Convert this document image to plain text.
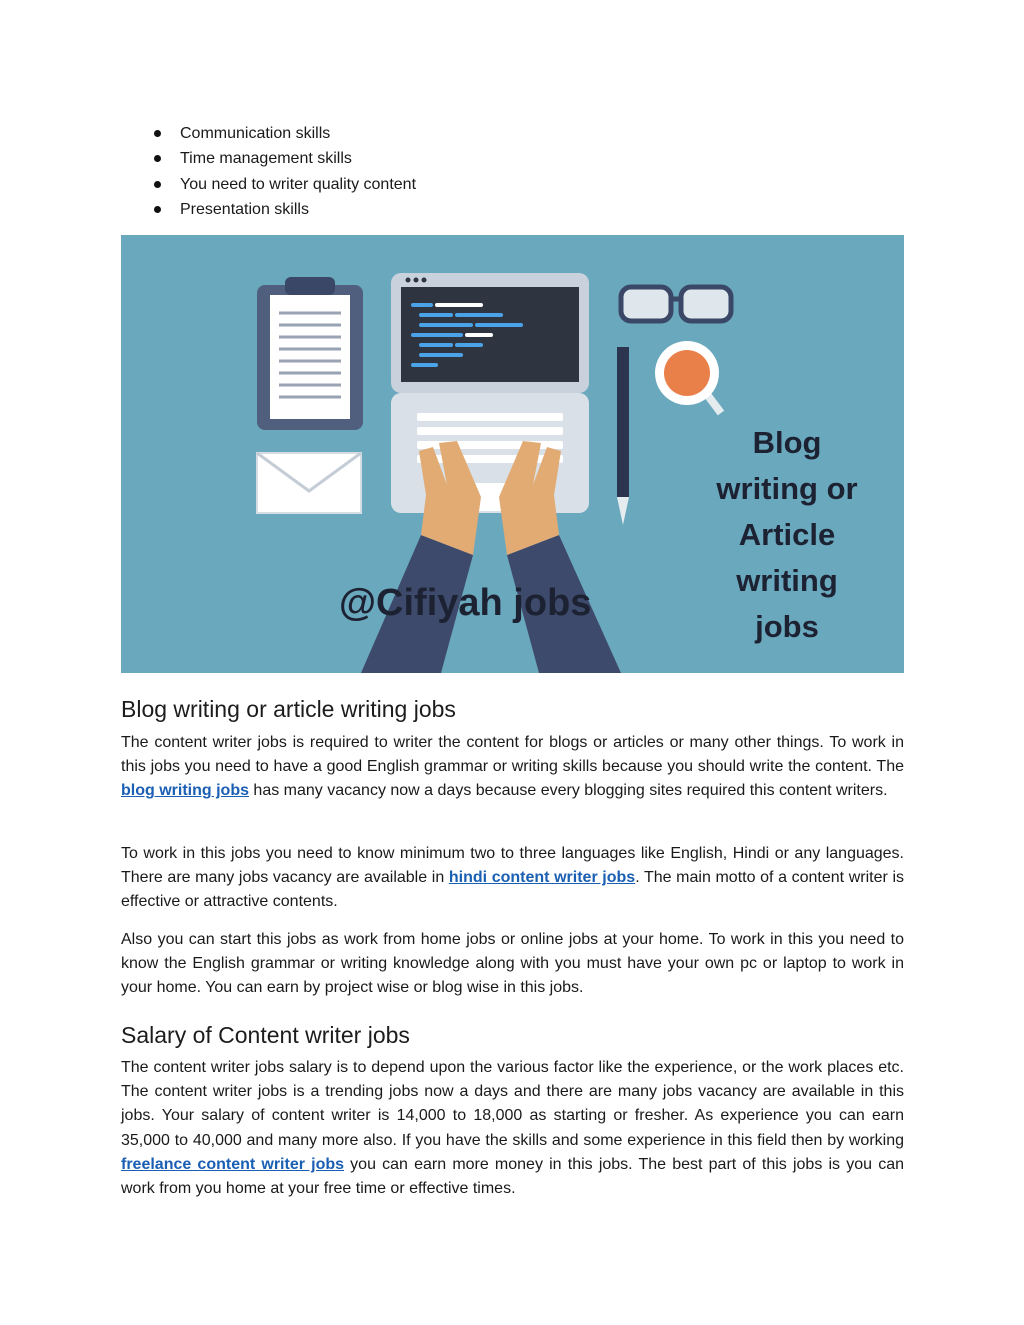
Communication skills
Time management skills
You need to writer quality content
Presentation skills
Blog
writing or
Article
writing
jobs
@Cifiyah jobs
Blog writing or article writing jobs

The content writer jobs is required to writer the content for blogs or articles or many other things. To work in this jobs you need to have a good English grammar or writing skills because you should write the content. The blog writing jobs has many vacancy now a days because every blogging sites required this content writers.

To work in this jobs you need to know minimum two to three languages like English, Hindi or any languages. There are many jobs vacancy are available in hindi content writer jobs. The main motto of a content writer is effective or attractive contents.

Also you can start this jobs as work from home jobs or online jobs at your home. To work in this you need to know the English grammar or writing knowledge along with you must have your own pc or laptop to work in your home. You can earn by project wise or blog wise in this jobs.

Salary of Content writer jobs

The content writer jobs salary is to depend upon the various factor like the experience, or the work places etc. The content writer jobs is a trending jobs now a days and there are many jobs vacancy are available in this jobs. Your salary of content writer is 14,000 to 18,000 as starting or fresher. As experience you can earn 35,000 to 40,000 and many more also. If you have the skills and some experience in this field then by working freelance content writer jobs you can earn more money in this jobs. The best part of this jobs is you can work from you home at your free time or effective times.
